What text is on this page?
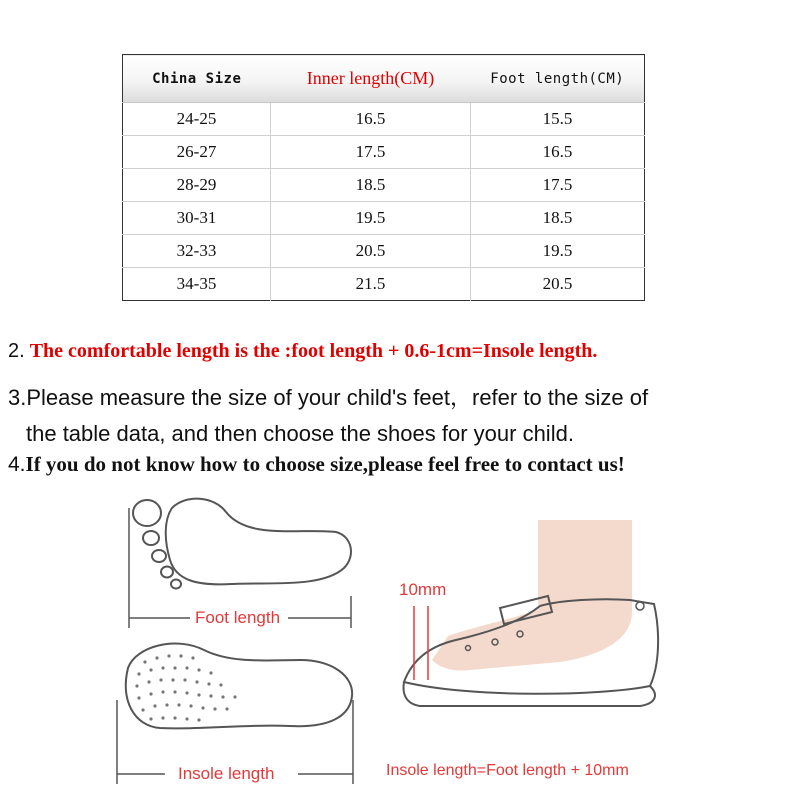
China Size	Inner length(CM)	Foot length(CM)
24-25	16.5	15.5
26-27	17.5	16.5
28-29	18.5	17.5
30-31	19.5	18.5
32-33	20.5	19.5
34-35	21.5	20.5
2. The comfortable length is the :foot length + 0.6-1cm=Insole length.
3.Please measure the size of your child's feet，refer to the size of
the table data, and then choose the shoes for your child.
4.If you do not know how to choose size,please feel free to contact us!
Foot length
Insole length
10mm
Insole length=Foot length + 10mm
